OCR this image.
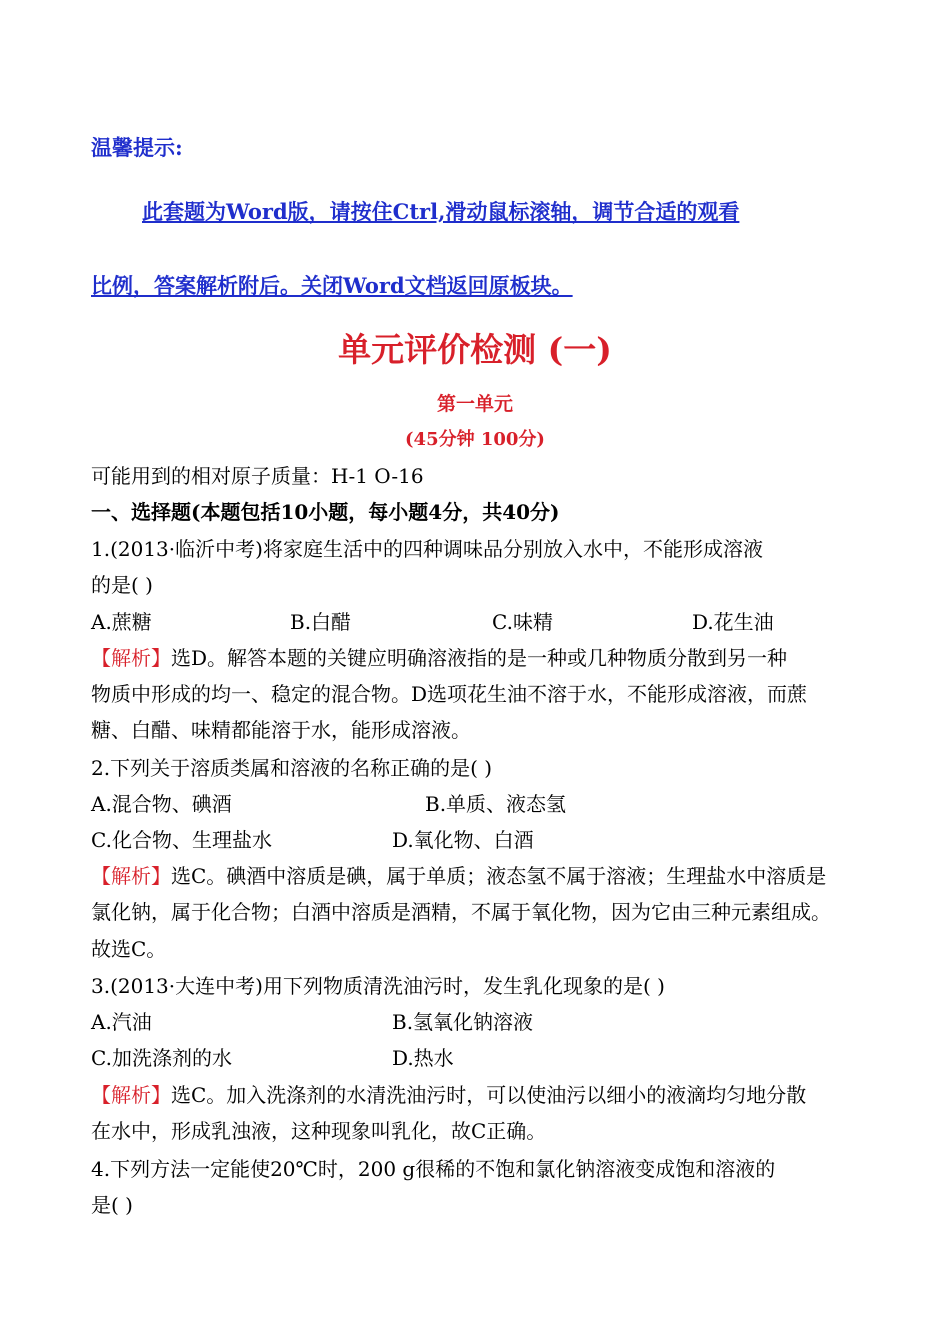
温馨提示:
此套题为Word版，请按住Ctrl,滑动鼠标滚轴，调节合适的观看
比例，答案解析附后。关闭Word文档返回原板块。
单元评价检测 (一)
第一单元
(45分钟 100分)
可能用到的相对原子质量：H-1 O-16
一、选择题(本题包括10小题，每小题4分，共40分)
1.(2013·临沂中考)将家庭生活中的四种调味品分别放入水中，不能形成溶液
的是( )
A.蔗糖	B.白醋	C.味精	D.花生油
【解析】选D。解答本题的关键应明确溶液指的是一种或几种物质分散到另一种
物质中形成的均一、稳定的混合物。D选项花生油不溶于水，不能形成溶液，而蔗
糖、白醋、味精都能溶于水，能形成溶液。
2.下列关于溶质类属和溶液的名称正确的是( )
A.混合物、碘酒	B.单质、液态氢
C.化合物、生理盐水	D.氧化物、白酒
【解析】选C。碘酒中溶质是碘，属于单质；液态氢不属于溶液；生理盐水中溶质是
氯化钠，属于化合物；白酒中溶质是酒精，不属于氧化物，因为它由三种元素组成。
故选C。
3.(2013·大连中考)用下列物质清洗油污时，发生乳化现象的是( )
A.汽油	B.氢氧化钠溶液
C.加洗涤剂的水	D.热水
【解析】选C。加入洗涤剂的水清洗油污时，可以使油污以细小的液滴均匀地分散
在水中，形成乳浊液，这种现象叫乳化，故C正确。
4.下列方法一定能使20℃时，200 g很稀的不饱和氯化钠溶液变成饱和溶液的
是( )
